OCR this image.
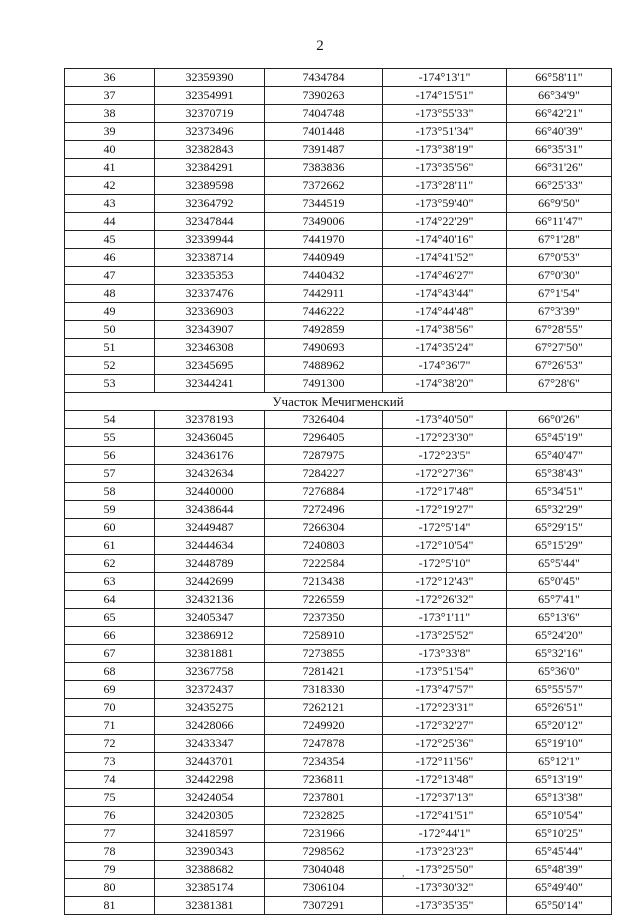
2
36	32359390	7434784	-174°13'1"	66°58'11"
37	32354991	7390263	-174°15'51"	66°34'9"
38	32370719	7404748	-173°55'33"	66°42'21"
39	32373496	7401448	-173°51'34"	66°40'39"
40	32382843	7391487	-173°38'19"	66°35'31"
41	32384291	7383836	-173°35'56"	66°31'26"
42	32389598	7372662	-173°28'11"	66°25'33"
43	32364792	7344519	-173°59'40"	66°9'50"
44	32347844	7349006	-174°22'29"	66°11'47"
45	32339944	7441970	-174°40'16"	67°1'28"
46	32338714	7440949	-174°41'52"	67°0'53"
47	32335353	7440432	-174°46'27"	67°0'30"
48	32337476	7442911	-174°43'44"	67°1'54"
49	32336903	7446222	-174°44'48"	67°3'39"
50	32343907	7492859	-174°38'56"	67°28'55"
51	32346308	7490693	-174°35'24"	67°27'50"
52	32345695	7488962	-174°36'7"	67°26'53"
53	32344241	7491300	-174°38'20"	67°28'6"
Участок Мечигменский				
54	32378193	7326404	-173°40'50"	66°0'26"
55	32436045	7296405	-172°23'30"	65°45'19"
56	32436176	7287975	-172°23'5"	65°40'47"
57	32432634	7284227	-172°27'36"	65°38'43"
58	32440000	7276884	-172°17'48"	65°34'51"
59	32438644	7272496	-172°19'27"	65°32'29"
60	32449487	7266304	-172°5'14"	65°29'15"
61	32444634	7240803	-172°10'54"	65°15'29"
62	32448789	7222584	-172°5'10"	65°5'44"
63	32442699	7213438	-172°12'43"	65°0'45"
64	32432136	7226559	-172°26'32"	65°7'41"
65	32405347	7237350	-173°1'11"	65°13'6"
66	32386912	7258910	-173°25'52"	65°24'20"
67	32381881	7273855	-173°33'8"	65°32'16"
68	32367758	7281421	-173°51'54"	65°36'0"
69	32372437	7318330	-173°47'57"	65°55'57"
70	32435275	7262121	-172°23'31"	65°26'51"
71	32428066	7249920	-172°32'27"	65°20'12"
72	32433347	7247878	-172°25'36"	65°19'10"
73	32443701	7234354	-172°11'56"	65°12'1"
74	32442298	7236811	-172°13'48"	65°13'19"
75	32424054	7237801	-172°37'13"	65°13'38"
76	32420305	7232825	-172°41'51"	65°10'54"
77	32418597	7231966	-172°44'1"	65°10'25"
78	32390343	7298562	-173°23'23"	65°45'44"
79	32388682	7304048	-173°25'50"	65°48'39"
80	32385174	7306104	-173°30'32"	65°49'40"
81	32381381	7307291	-173°35'35"	65°50'14"
,
